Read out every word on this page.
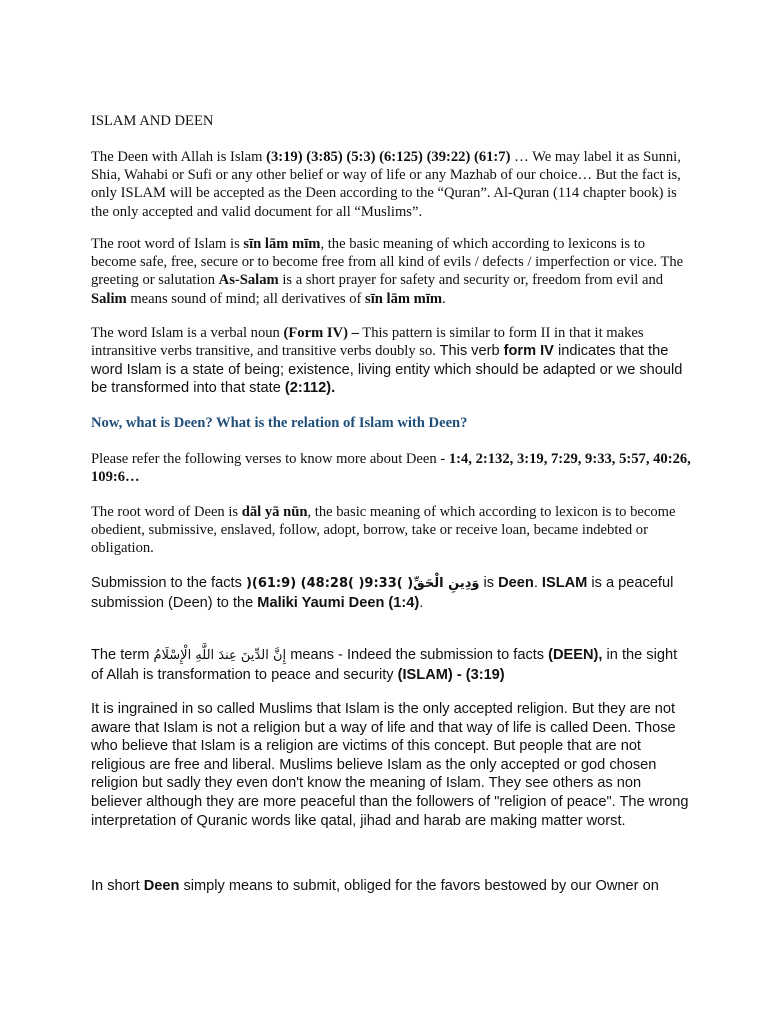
ISLAM AND DEEN

The Deen with Allah is Islam (3:19) (3:85) (5:3) (6:125) (39:22) (61:7) … We may label it as Sunni, Shia, Wahabi or Sufi or any other belief or way of life or any Mazhab of our choice… But the fact is, only ISLAM will be accepted as the Deen according to the “Quran”. Al-Quran (114 chapter book) is the only accepted and valid document for all “Muslims”.

The root word of Islam is sīn lām mīm, the basic meaning of which according to lexicons is to become safe, free, secure or to become free from all kind of evils / defects / imperfection or vice. The greeting or salutation As-Salam is a short prayer for safety and security or, freedom from evil and Salim means sound of mind; all derivatives of sīn lām mīm.

The word Islam is a verbal noun (Form IV) – This pattern is similar to form II in that it makes intransitive verbs transitive, and transitive verbs doubly so. This verb form IV indicates that the word Islam is a state of being; existence, living entity which should be adapted or we should be transformed into that state (2:112).

Now, what is Deen? What is the relation of Islam with Deen?

Please refer the following verses to know more about Deen - 1:4, 2:132, 3:19, 7:29, 9:33, 5:57, 40:26, 109:6…

The root word of Deen is dāl yā nūn, the basic meaning of which according to lexicon is to become obedient, submissive, enslaved, follow, adopt, borrow, take or receive loan, became indebted or obligation.

Submission to the facts )وَدِينِ الْحَقِّ( )9:33( )48:28) (61:9) is Deen. ISLAM is a peaceful submission (Deen) to the Maliki Yaumi Deen (1:4).

The term إِنَّ الدِّينَ عِندَ اللَّهِ الْإِسْلَامُ means - Indeed the submission to facts (DEEN), in the sight of Allah is transformation to peace and security (ISLAM) - (3:19)

It is ingrained in so called Muslims that Islam is the only accepted religion. But they are not aware that Islam is not a religion but a way of life and that way of life is called Deen. Those who believe that Islam is a religion are victims of this concept. But people that are not religious are free and liberal. Muslims believe Islam as the only accepted or god chosen religion but sadly they even don't know the meaning of Islam. They see others as non believer although they are more peaceful than the followers of "religion of peace". The wrong interpretation of Quranic words like qatal, jihad and harab are making matter worst.

In short Deen simply means to submit, obliged for the favors bestowed by our Owner on
